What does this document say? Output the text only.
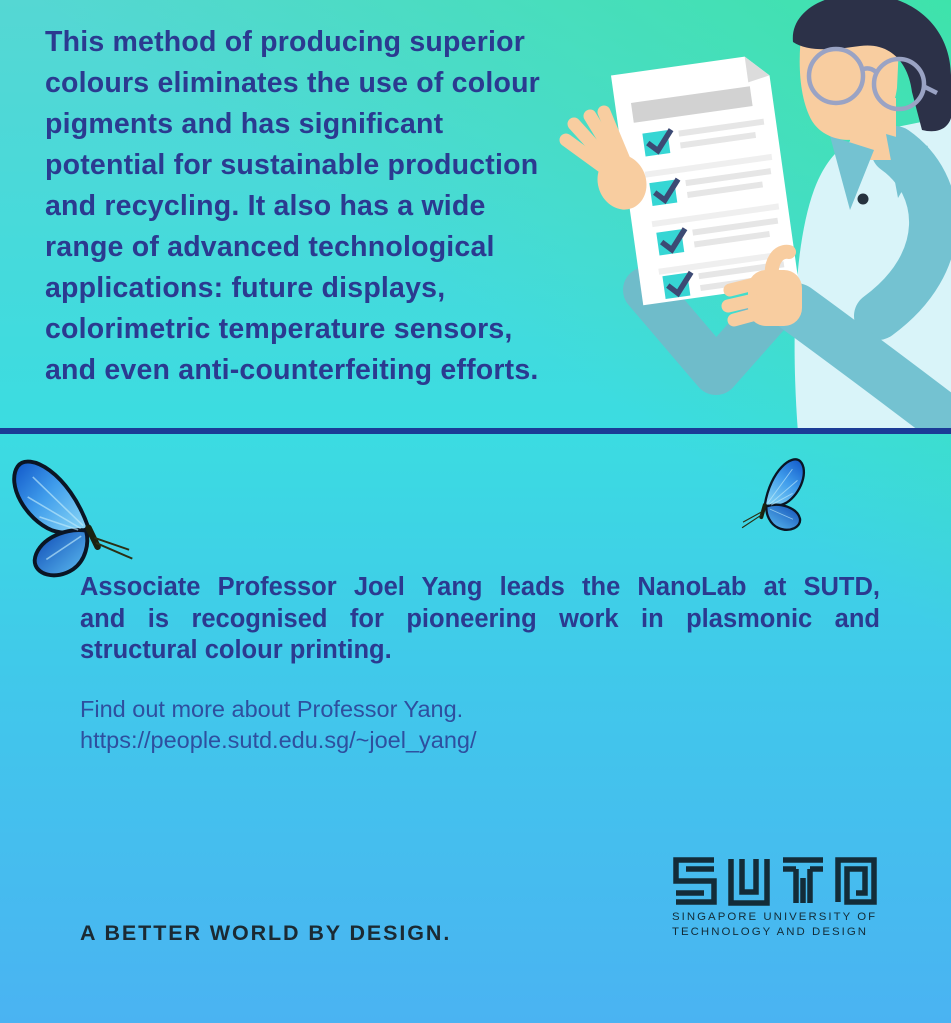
This method of producing superior
colours eliminates the use of colour
pigments and has significant
potential for sustainable production
and recycling. It also has a wide
range of advanced technological
applications: future displays,
colorimetric temperature sensors,
and even anti-counterfeiting efforts.
Associate Professor Joel Yang leads the NanoLab at SUTD,
and is recognised for pioneering work in plasmonic and
structural colour printing.
Find out more about Professor Yang.
https://people.sutd.edu.sg/~joel_yang/
A BETTER WORLD BY DESIGN.
SINGAPORE UNIVERSITY OF
TECHNOLOGY AND DESIGN
